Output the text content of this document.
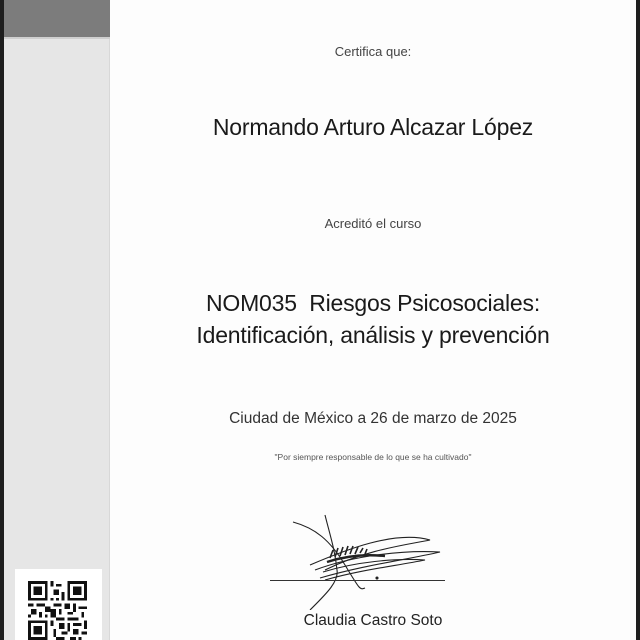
Certifica que:
Normando Arturo Alcazar López
Acreditó el curso
NOM035  Riesgos Psicosociales:
Identificación, análisis y prevención
Ciudad de México a 26 de marzo de 2025
"Por siempre responsable de lo que se ha cultivado"
Claudia Castro Soto
